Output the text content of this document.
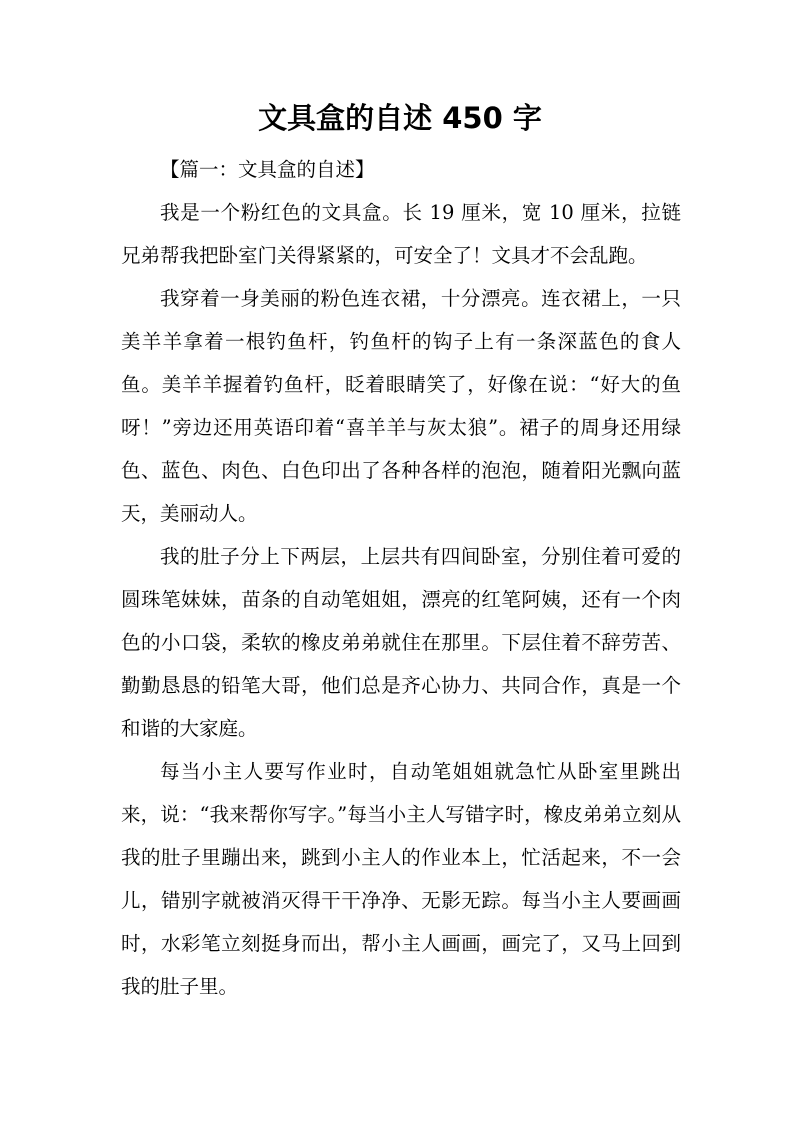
文具盒的自述 450 字

【篇一：文具盒的自述】

我是一个粉红色的文具盒。长 19 厘米，宽 10 厘米，拉链兄弟帮我把卧室门关得紧紧的，可安全了！文具才不会乱跑。

我穿着一身美丽的粉色连衣裙，十分漂亮。连衣裙上，一只美羊羊拿着一根钓鱼杆，钓鱼杆的钩子上有一条深蓝色的食人鱼。美羊羊握着钓鱼杆，眨着眼睛笑了，好像在说：“好大的鱼呀！”旁边还用英语印着“喜羊羊与灰太狼”。裙子的周身还用绿色、蓝色、肉色、白色印出了各种各样的泡泡，随着阳光飘向蓝天，美丽动人。

我的肚子分上下两层，上层共有四间卧室，分别住着可爱的圆珠笔妹妹，苗条的自动笔姐姐，漂亮的红笔阿姨，还有一个肉色的小口袋，柔软的橡皮弟弟就住在那里。下层住着不辞劳苦、勤勤恳恳的铅笔大哥，他们总是齐心协力、共同合作，真是一个和谐的大家庭。

每当小主人要写作业时，自动笔姐姐就急忙从卧室里跳出来，说：“我来帮你写字。”每当小主人写错字时，橡皮弟弟立刻从我的肚子里蹦出来，跳到小主人的作业本上，忙活起来，不一会儿，错别字就被消灭得干干净净、无影无踪。每当小主人要画画时，水彩笔立刻挺身而出，帮小主人画画，画完了，又马上回到我的肚子里。
